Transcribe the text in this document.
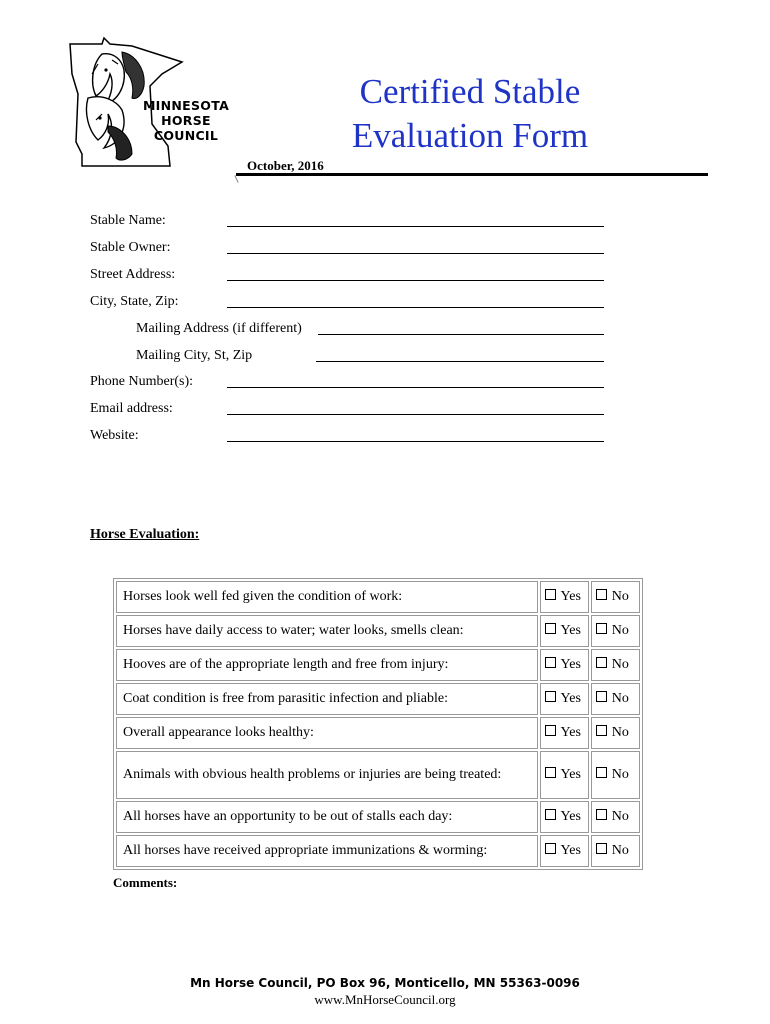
MINNESOTA
HORSE
COUNCIL
Certified Stable
Evaluation Form
October, 2016
Stable Name:
Stable Owner:
Street Address:
City, State, Zip:
Mailing Address (if different)
Mailing City, St, Zip
Phone Number(s):
Email address:
Website:
Horse Evaluation:
Horses look well fed given the condition of work:	Yes	No
Horses have daily access to water; water looks, smells clean:	Yes	No
Hooves are of the appropriate length and free from injury:	Yes	No
Coat condition is free from parasitic infection and pliable:	Yes	No
Overall appearance looks healthy:	Yes	No
Animals with obvious health problems or injuries are being treated:	Yes	No
All horses have an opportunity to be out of stalls each day:	Yes	No
All horses have received appropriate immunizations & worming:	Yes	No
Comments:
Mn Horse Council, PO Box 96, Monticello, MN 55363-0096
www.MnHorseCouncil.org
